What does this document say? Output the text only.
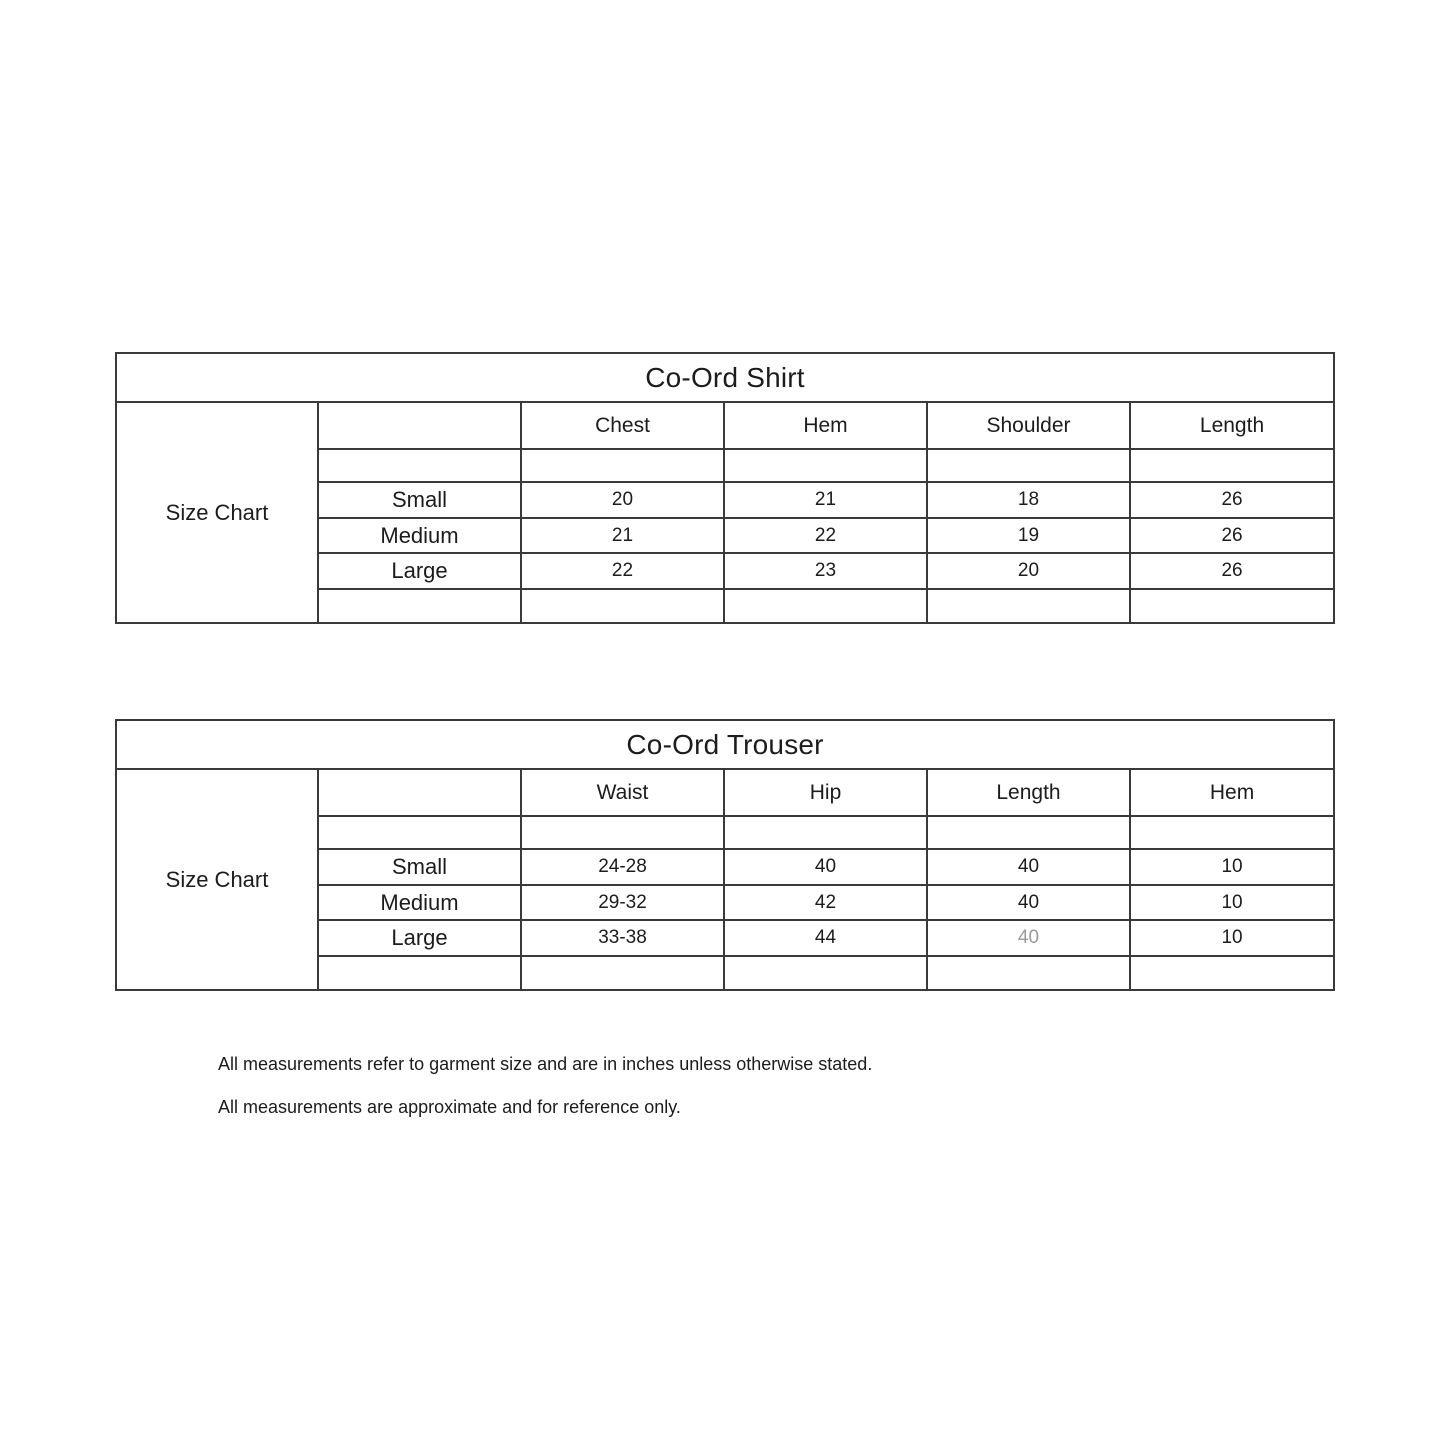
Co-Ord Shirt					
Size Chart		Chest	Hem	Shoulder	Length

	Small	20	21	18	26
	Medium	21	22	19	26
	Large	22	23	20	26

Co-Ord Trouser					
Size Chart		Waist	Hip	Length	Hem

	Small	24-28	40	40	10
	Medium	29-32	42	40	10
	Large	33-38	44	40	10

All measurements refer to garment size and are in inches unless otherwise stated.
All measurements are approximate and for reference only.
